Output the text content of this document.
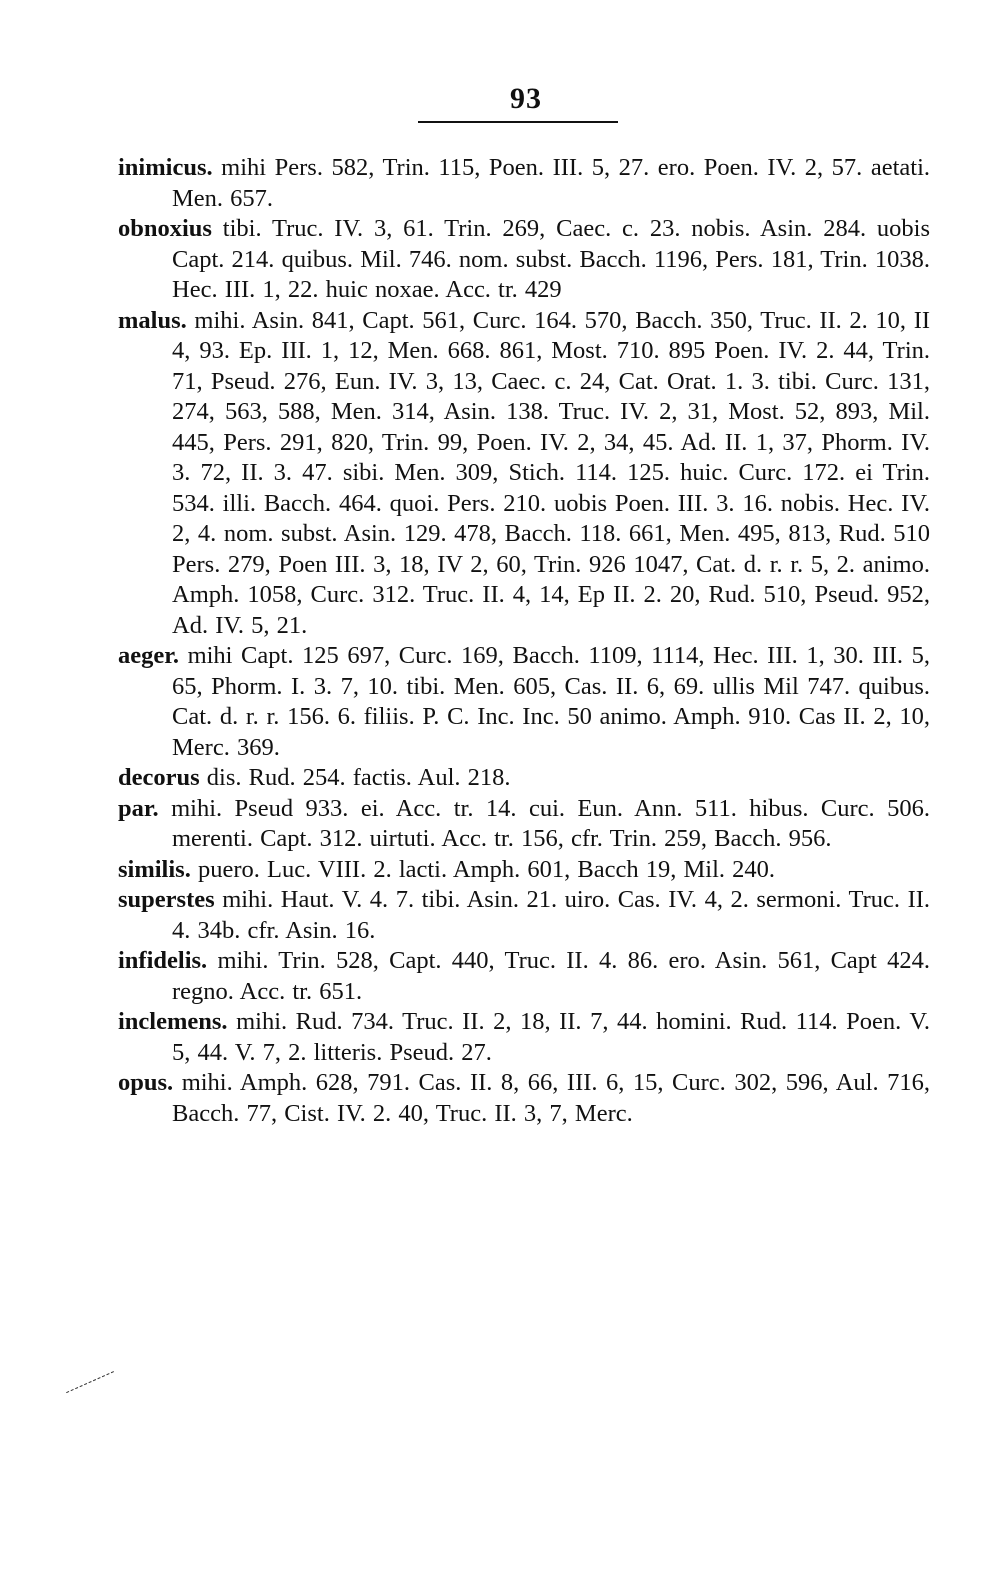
93

inimicus. mihi Pers. 582, Trin. 115, Poen. III. 5, 27. ero. Poen. IV. 2, 57. aetati. Men. 657.

obnoxius tibi. Truc. IV. 3, 61. Trin. 269, Caec. c. 23. nobis. Asin. 284. uobis Capt. 214. quibus. Mil. 746. nom. subst. Bacch. 1196, Pers. 181, Trin. 1038. Hec. III. 1, 22. huic noxae. Acc. tr. 429

malus. mihi. Asin. 841, Capt. 561, Curc. 164. 570, Bacch. 350, Truc. II. 2. 10, II 4, 93. Ep. III. 1, 12, Men. 668. 861, Most. 710. 895 Poen. IV. 2. 44, Trin. 71, Pseud. 276, Eun. IV. 3, 13, Caec. c. 24, Cat. Orat. 1. 3. tibi. Curc. 131, 274, 563, 588, Men. 314, Asin. 138. Truc. IV. 2, 31, Most. 52, 893, Mil. 445, Pers. 291, 820, Trin. 99, Poen. IV. 2, 34, 45. Ad. II. 1, 37, Phorm. IV. 3. 72, II. 3. 47. sibi. Men. 309, Stich. 114. 125. huic. Curc. 172. ei Trin. 534. illi. Bacch. 464. quoi. Pers. 210. uobis Poen. III. 3. 16. nobis. Hec. IV. 2, 4. nom. subst. Asin. 129. 478, Bacch. 118. 661, Men. 495, 813, Rud. 510 Pers. 279, Poen III. 3, 18, IV 2, 60, Trin. 926 1047, Cat. d. r. r. 5, 2. animo. Amph. 1058, Curc. 312. Truc. II. 4, 14, Ep II. 2. 20, Rud. 510, Pseud. 952, Ad. IV. 5, 21.

aeger. mihi Capt. 125 697, Curc. 169, Bacch. 1109, 1114, Hec. III. 1, 30. III. 5, 65, Phorm. I. 3. 7, 10. tibi. Men. 605, Cas. II. 6, 69. ullis Mil 747. quibus. Cat. d. r. r. 156. 6. filiis. P. C. Inc. Inc. 50 animo. Amph. 910. Cas II. 2, 10, Merc. 369.

decorus dis. Rud. 254. factis. Aul. 218.

par. mihi. Pseud 933. ei. Acc. tr. 14. cui. Eun. Ann. 511. hibus. Curc. 506. merenti. Capt. 312. uirtuti. Acc. tr. 156, cfr. Trin. 259, Bacch. 956.

similis. puero. Luc. VIII. 2. lacti. Amph. 601, Bacch 19, Mil. 240.

superstes mihi. Haut. V. 4. 7. tibi. Asin. 21. uiro. Cas. IV. 4, 2. sermoni. Truc. II. 4. 34b. cfr. Asin. 16.

infidelis. mihi. Trin. 528, Capt. 440, Truc. II. 4. 86. ero. Asin. 561, Capt 424. regno. Acc. tr. 651.

inclemens. mihi. Rud. 734. Truc. II. 2, 18, II. 7, 44. homini. Rud. 114. Poen. V. 5, 44. V. 7, 2. litteris. Pseud. 27.

opus. mihi. Amph. 628, 791. Cas. II. 8, 66, III. 6, 15, Curc. 302, 596, Aul. 716, Bacch. 77, Cist. IV. 2. 40, Truc. II. 3, 7, Merc.
